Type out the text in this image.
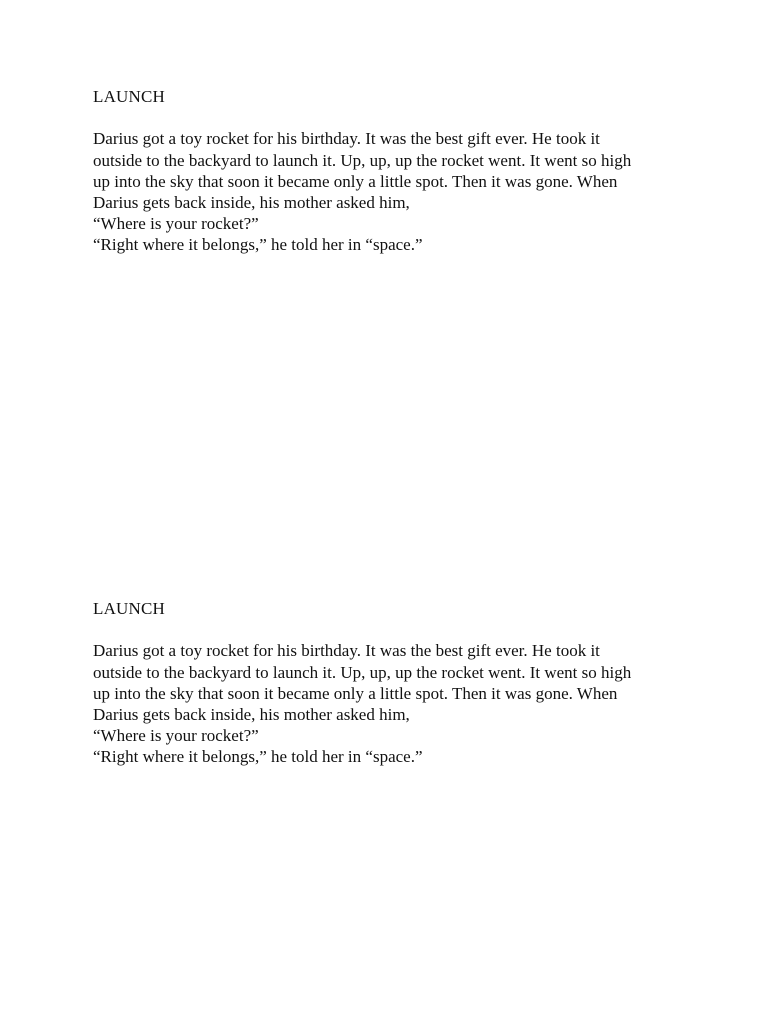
LAUNCH
Darius got a toy rocket for his birthday. It was the best gift ever. He took it
outside to the backyard to launch it. Up, up, up the rocket went. It went so high
up into the sky that soon it became only a little spot. Then it was gone. When
Darius gets back inside, his mother asked him,
“Where is your rocket?”
“Right where it belongs,” he told her in “space.”
LAUNCH
Darius got a toy rocket for his birthday. It was the best gift ever. He took it
outside to the backyard to launch it. Up, up, up the rocket went. It went so high
up into the sky that soon it became only a little spot. Then it was gone. When
Darius gets back inside, his mother asked him,
“Where is your rocket?”
“Right where it belongs,” he told her in “space.”
